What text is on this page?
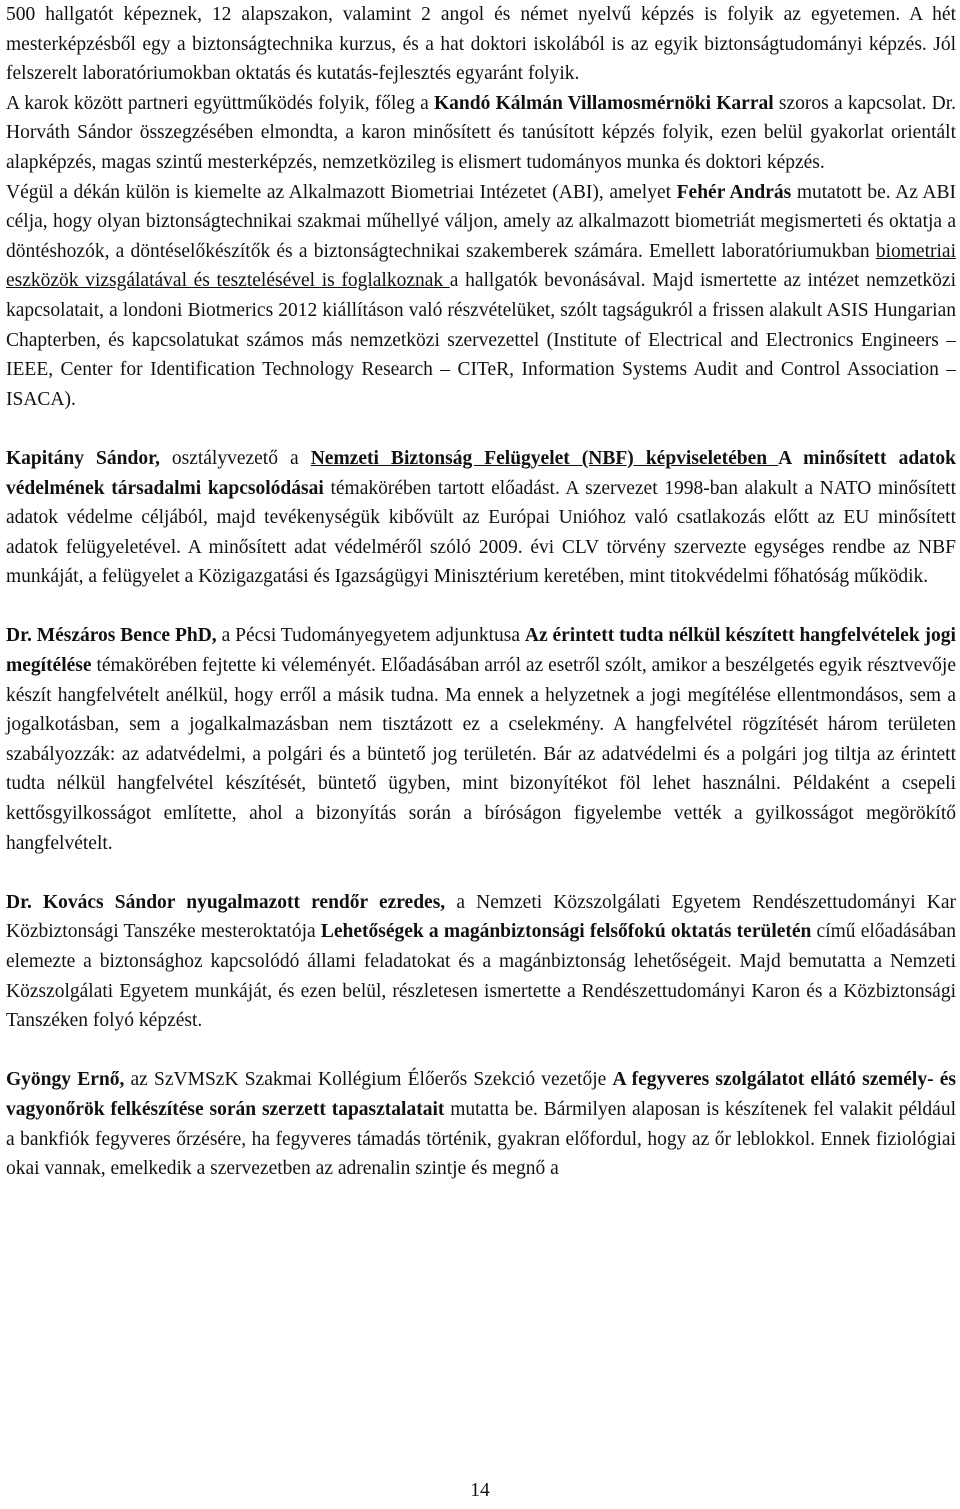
500 hallgatót képeznek, 12 alapszakon, valamint 2 angol és német nyelvű képzés is folyik az egyetemen. A hét mesterképzésből egy a biztonságtechnika kurzus, és a hat doktori iskolából is az egyik biztonságtudományi képzés. Jól felszerelt laboratóriumokban oktatás és kutatás-fejlesztés egyaránt folyik.

A karok között partneri együttműködés folyik, főleg a Kandó Kálmán Villamosmérnöki Karral szoros a kapcsolat. Dr. Horváth Sándor összegzésében elmondta, a karon minősített és tanúsított képzés folyik, ezen belül gyakorlat orientált alapképzés, magas szintű mesterképzés, nemzetközileg is elismert tudományos munka és doktori képzés.

Végül a dékán külön is kiemelte az Alkalmazott Biometriai Intézetet (ABI), amelyet Fehér András mutatott be. Az ABI célja, hogy olyan biztonságtechnikai szakmai műhellyé váljon, amely az alkalmazott biometriát megismerteti és oktatja a döntéshozók, a döntéselőkészítők és a biztonságtechnikai szakemberek számára. Emellett laboratóriumukban biometriai eszközök vizsgálatával és tesztelésével is foglalkoznak a hallgatók bevonásával. Majd ismertette az intézet nemzetközi kapcsolatait, a londoni Biotmerics 2012 kiállításon való részvételüket, szólt tagságukról a frissen alakult ASIS Hungarian Chapterben, és kapcsolatukat számos más nemzetközi szervezettel (Institute of Electrical and Electronics Engineers – IEEE, Center for Identification Technology Research – CITeR, Information Systems Audit and Control Association – ISACA).

Kapitány Sándor, osztályvezető a Nemzeti Biztonság Felügyelet (NBF) képviseletében A minősített adatok védelmének társadalmi kapcsolódásai témakörében tartott előadást. A szervezet 1998-ban alakult a NATO minősített adatok védelme céljából, majd tevékenységük kibővült az Európai Unióhoz való csatlakozás előtt az EU minősített adatok felügyeletével. A minősített adat védelméről szóló 2009. évi CLV törvény szervezte egységes rendbe az NBF munkáját, a felügyelet a Közigazgatási és Igazságügyi Minisztérium keretében, mint titokvédelmi főhatóság működik.

Dr. Mészáros Bence PhD, a Pécsi Tudományegyetem adjunktusa Az érintett tudta nélkül készített hangfelvételek jogi megítélése témakörében fejtette ki véleményét. Előadásában arról az esetről szólt, amikor a beszélgetés egyik résztvevője készít hangfelvételt anélkül, hogy erről a másik tudna. Ma ennek a helyzetnek a jogi megítélése ellentmondásos, sem a jogalkotásban, sem a jogalkalmazásban nem tisztázott ez a cselekmény. A hangfelvétel rögzítését három területen szabályozzák: az adatvédelmi, a polgári és a büntető jog területén. Bár az adatvédelmi és a polgári jog tiltja az érintett tudta nélkül hangfelvétel készítését, büntető ügyben, mint bizonyítékot föl lehet használni. Példaként a csepeli kettősgyilkosságot említette, ahol a bizonyítás során a bíróságon figyelembe vették a gyilkosságot megörökítő hangfelvételt.

Dr. Kovács Sándor nyugalmazott rendőr ezredes, a Nemzeti Közszolgálati Egyetem Rendészettudományi Kar Közbiztonsági Tanszéke mesteroktatója Lehetőségek a magánbiztonsági felsőfokú oktatás területén című előadásában elemezte a biztonsághoz kapcsolódó állami feladatokat és a magánbiztonság lehetőségeit. Majd bemutatta a Nemzeti Közszolgálati Egyetem munkáját, és ezen belül, részletesen ismertette a Rendészettudományi Karon és a Közbiztonsági Tanszéken folyó képzést.

Gyöngy Ernő, az SzVMSzK Szakmai Kollégium Élőerős Szekció vezetője A fegyveres szolgálatot ellátó személy- és vagyonőrök felkészítése során szerzett tapasztalatait mutatta be. Bármilyen alaposan is készítenek fel valakit például a bankfiók fegyveres őrzésére, ha fegyveres támadás történik, gyakran előfordul, hogy az őr leblokkol. Ennek fiziológiai okai vannak, emelkedik a szervezetben az adrenalin szintje és megnő a

14
